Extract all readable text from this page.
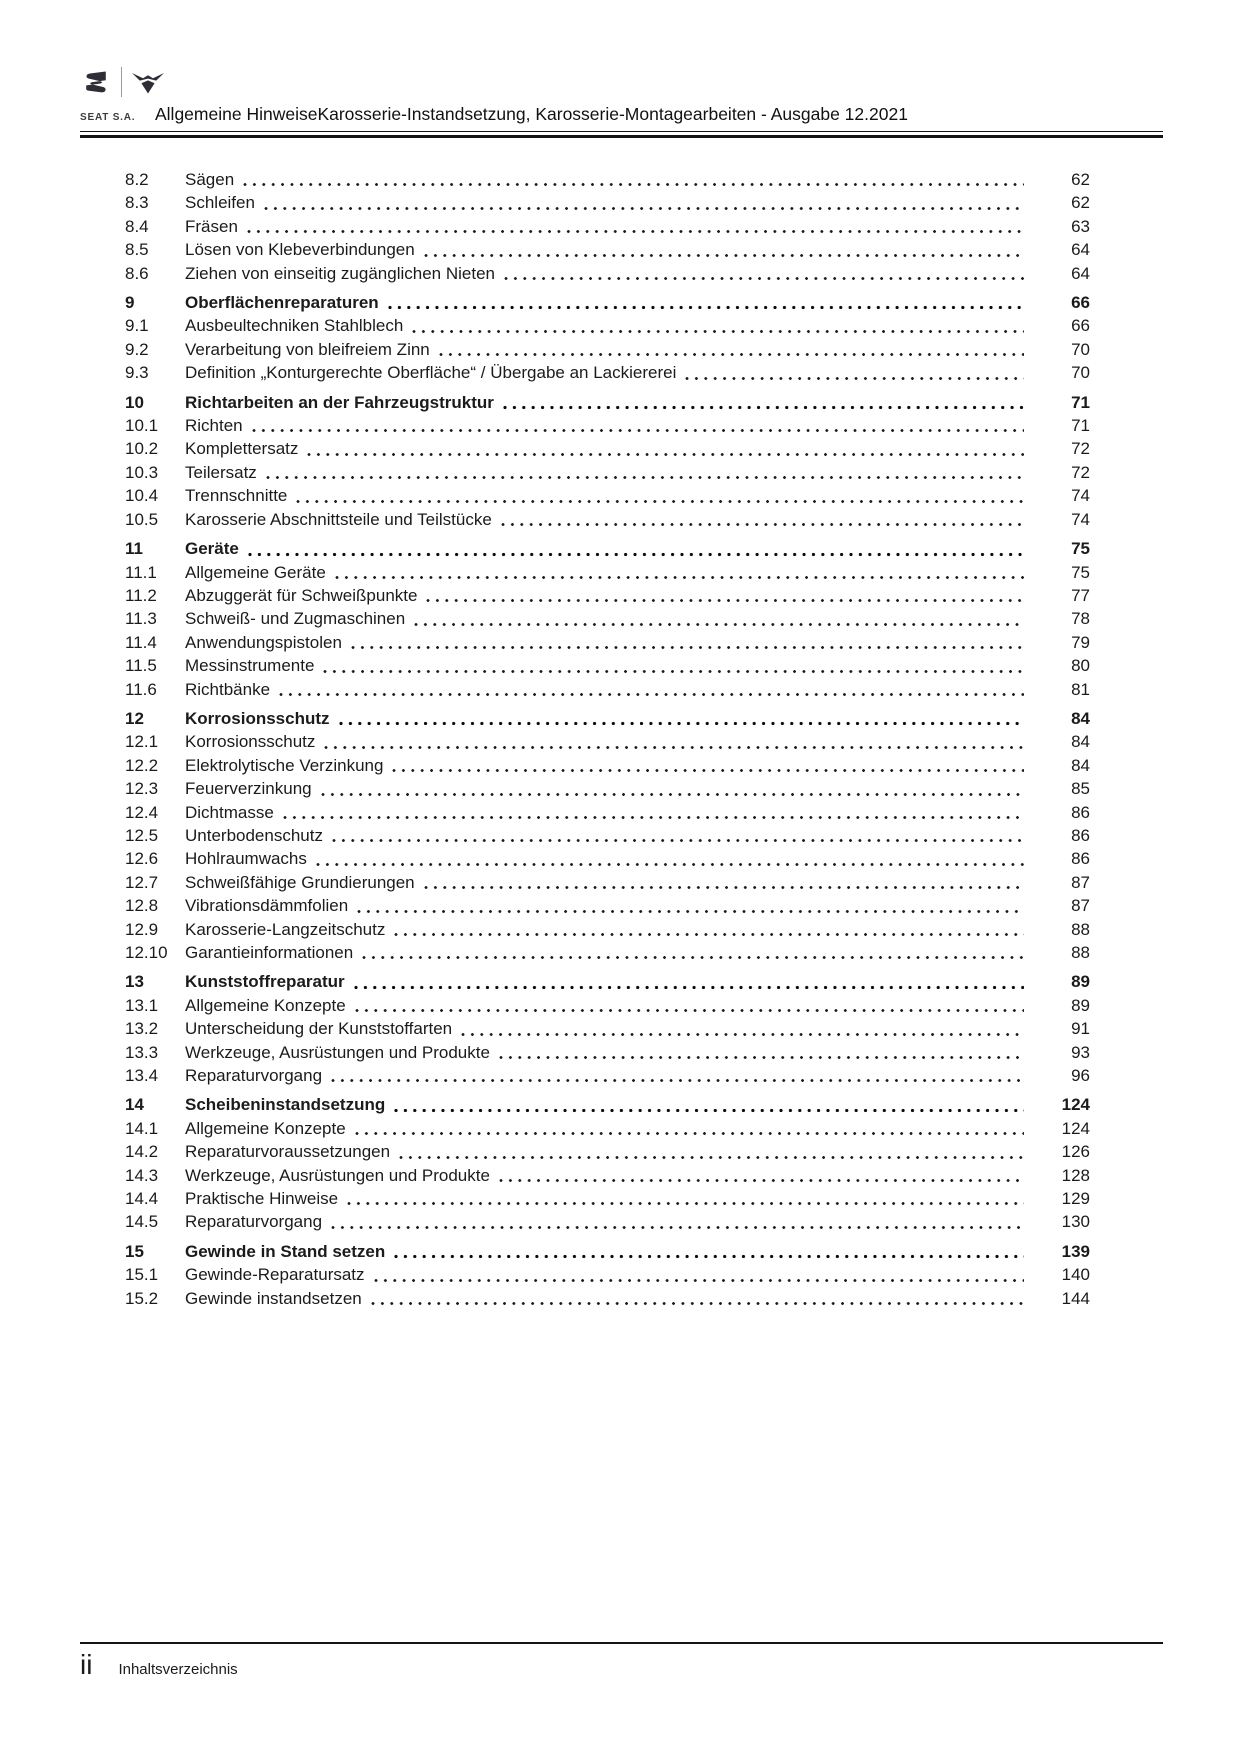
SEAT S.A.	Allgemeine HinweiseKarosserie-Instandsetzung, Karosserie-Montagearbeiten - Ausgabe 12.2021
8.2	Sägen	62
8.3	Schleifen	62
8.4	Fräsen	63
8.5	Lösen von Klebeverbindungen	64
8.6	Ziehen von einseitig zugänglichen Nieten	64
9	Oberflächenreparaturen	66
9.1	Ausbeultechniken Stahlblech	66
9.2	Verarbeitung von bleifreiem Zinn	70
9.3	Definition „Konturgerechte Oberfläche“ / Übergabe an Lackiererei	70
10	Richtarbeiten an der Fahrzeugstruktur	71
10.1	Richten	71
10.2	Komplettersatz	72
10.3	Teilersatz	72
10.4	Trennschnitte	74
10.5	Karosserie Abschnittsteile und Teilstücke	74
11	Geräte	75
11.1	Allgemeine Geräte	75
11.2	Abzuggerät für Schweißpunkte	77
11.3	Schweiß- und Zugmaschinen	78
11.4	Anwendungspistolen	79
11.5	Messinstrumente	80
11.6	Richtbänke	81
12	Korrosionsschutz	84
12.1	Korrosionsschutz	84
12.2	Elektrolytische Verzinkung	84
12.3	Feuerverzinkung	85
12.4	Dichtmasse	86
12.5	Unterbodenschutz	86
12.6	Hohlraumwachs	86
12.7	Schweißfähige Grundierungen	87
12.8	Vibrationsdämmfolien	87
12.9	Karosserie-Langzeitschutz	88
12.10	Garantieinformationen	88
13	Kunststoffreparatur	89
13.1	Allgemeine Konzepte	89
13.2	Unterscheidung der Kunststoffarten	91
13.3	Werkzeuge, Ausrüstungen und Produkte	93
13.4	Reparaturvorgang	96
14	Scheibeninstandsetzung	124
14.1	Allgemeine Konzepte	124
14.2	Reparaturvoraussetzungen	126
14.3	Werkzeuge, Ausrüstungen und Produkte	128
14.4	Praktische Hinweise	129
14.5	Reparaturvorgang	130
15	Gewinde in Stand setzen	139
15.1	Gewinde-Reparatursatz	140
15.2	Gewinde instandsetzen	144
ii Inhaltsverzeichnis
